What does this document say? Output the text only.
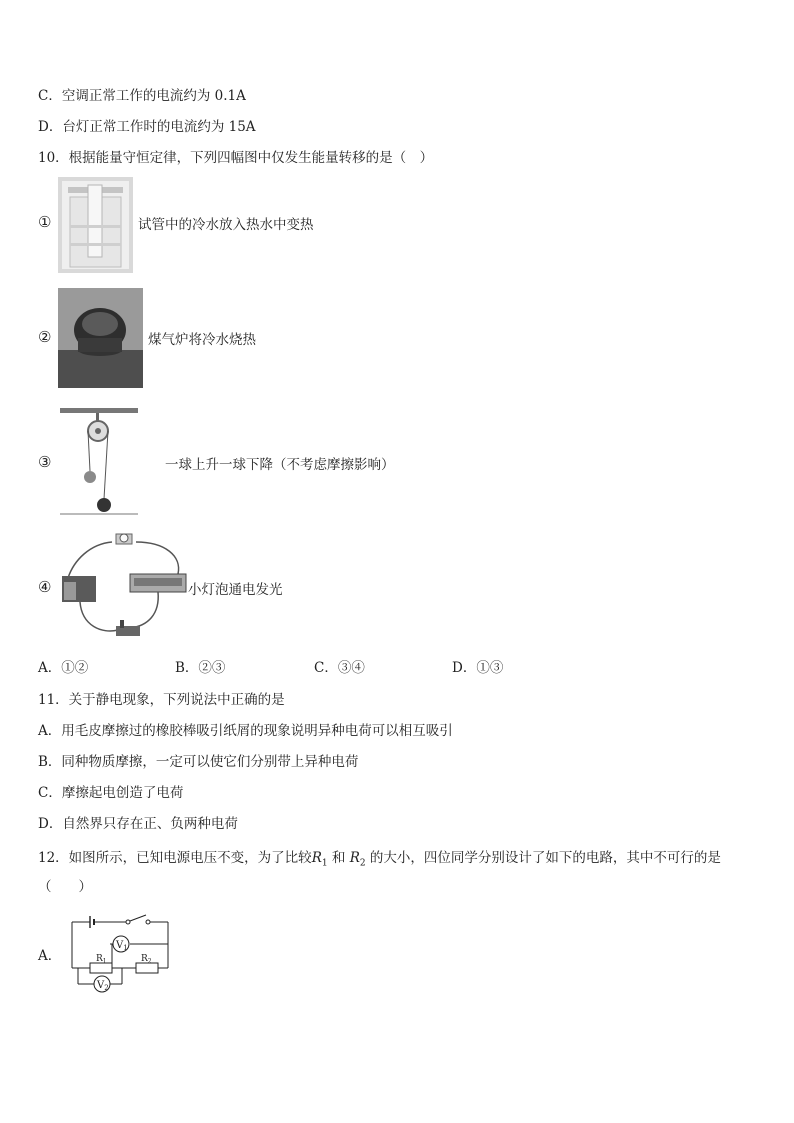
C．空调正常工作的电流约为 0.1A
D．台灯正常工作时的电流约为 15A
10．根据能量守恒定律，下列四幅图中仅发生能量转移的是（　）
①	试管中的冷水放入热水中变热
②	煤气炉将冷水烧热
③	一球上升一球下降（不考虑摩擦影响）
④	小灯泡通电发光
A．①②	B．②③	C．③④	D．①③
11．关于静电现象，下列说法中正确的是
A．用毛皮摩擦过的橡胶棒吸引纸屑的现象说明异种电荷可以相互吸引
B．同种物质摩擦，一定可以使它们分别带上异种电荷
C．摩擦起电创造了电荷
D．自然界只存在正、负两种电荷
12．如图所示，已知电源电压不变，为了比较$R_1$ 和 $R_2$ 的大小，四位同学分别设计了如下的电路，其中不可行的是
（　　）
A．
$V_1$
$R_1$	$R_2$
$V_2$
